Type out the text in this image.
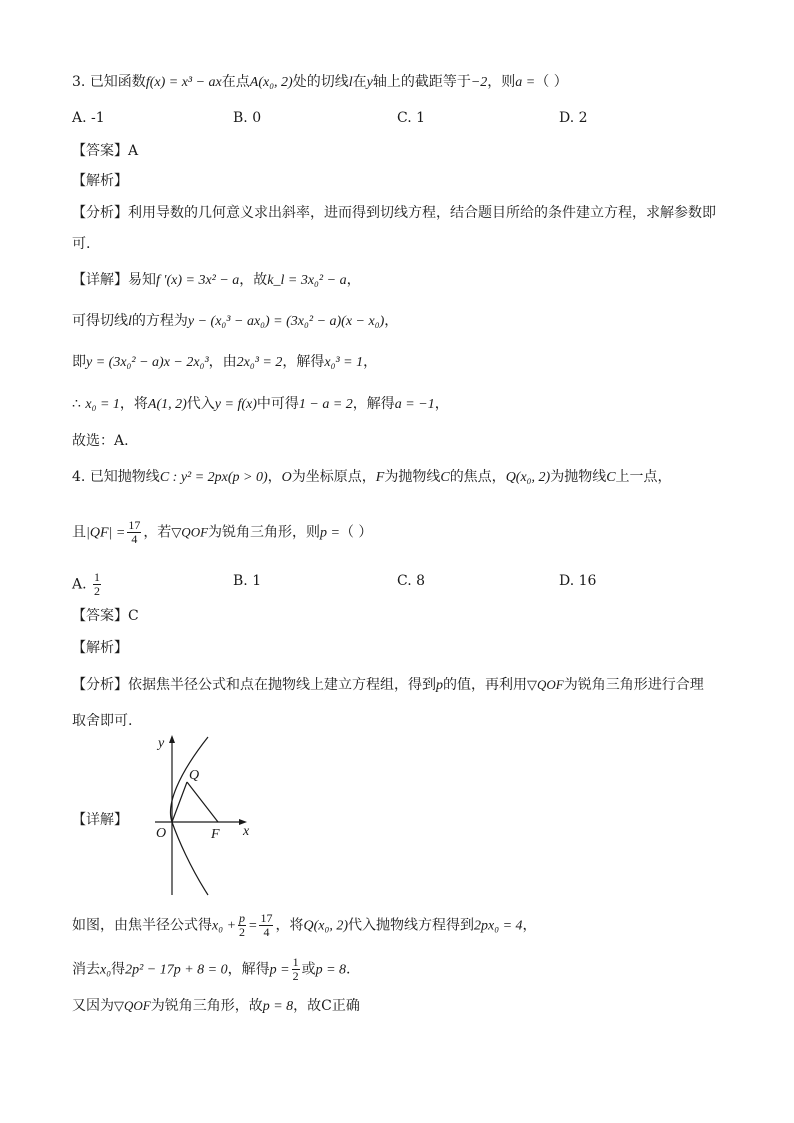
3. 已知函数f(x) = x³ − ax在点A(x₀, 2)处的切线l在y轴上的截距等于−2，则a =（ ）
A. -1	B. 0	C. 1	D. 2
【答案】A
【解析】
【分析】利用导数的几何意义求出斜率，进而得到切线方程，结合题目所给的条件建立方程，求解参数即
可.
【详解】易知f ′(x) = 3x² − a，故k_l = 3x₀² − a，
可得切线l的方程为y − (x₀³ − ax₀) = (3x₀² − a)(x − x₀)，
即y = (3x₀² − a)x − 2x₀³，由2x₀³ = 2，解得x₀³ = 1，
∴ x₀ = 1，将A(1, 2)代入y = f(x)中可得1 − a = 2，解得a = −1，
故选：A.
4. 已知抛物线C : y² = 2px(p > 0)，O为坐标原点，F为抛物线C的焦点，Q(x₀, 2)为抛物线C上一点，
且$|QF| = \frac{17}{4}$ ，若▽QOF为锐角三角形，则p =（ ）
A. $\frac{1}{2}$	B. 1	C. 8	D. 16
【答案】C
【解析】
【分析】依据焦半径公式和点在抛物线上建立方程组，得到p的值，再利用▽QOF为锐角三角形进行合理
取舍即可.
【详解】
y
x
Q
O	F
如图，由焦半径公式得$x_0 + \frac{p}{2} = \frac{17}{4}$ ，将Q(x₀, 2)代入抛物线方程得到2px₀ = 4，
消去x₀得2p² − 17p + 8 = 0，解得$p = \frac{1}{2}$ 或p = 8.
又因为▽QOF为锐角三角形，故p = 8，故C正确
